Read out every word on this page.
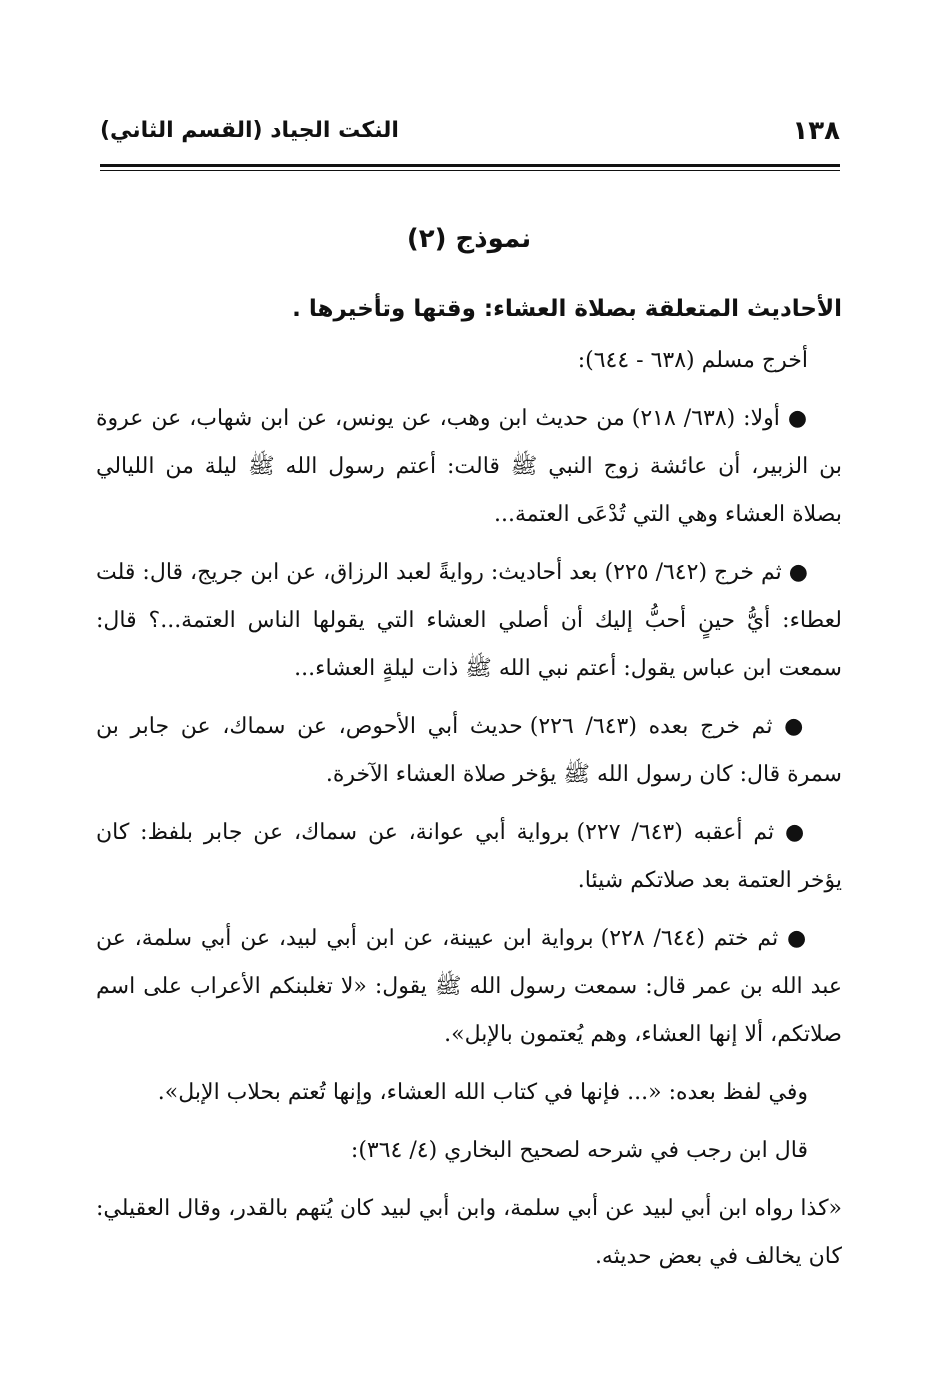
١٣٨
النكت الجياد (القسم الثاني)
نموذج (٢)
الأحاديث المتعلقة بصلاة العشاء: وقتها وتأخيرها .

أخرج مسلم (٦٣٨ - ٦٤٤):

● أولا: (٦٣٨/ ٢١٨) من حديث ابن وهب، عن يونس، عن ابن شهاب، عن عروة بن الزبير، أن عائشة زوج النبي ﷺ قالت: أعتم رسول الله ﷺ ليلة من الليالي بصلاة العشاء وهي التي تُدْعَى العتمة...

● ثم خرج (٦٤٢/ ٢٢٥) بعد أحاديث: روايةً لعبد الرزاق، عن ابن جريج، قال: قلت لعطاء: أيُّ حينٍ أحبُّ إليك أن أصلي العشاء التي يقولها الناس العتمة...؟ قال: سمعت ابن عباس يقول: أعتم نبي الله ﷺ ذات ليلةٍ العشاء...

● ثم خرج بعده (٦٤٣/ ٢٢٦) حديث أبي الأحوص، عن سماك، عن جابر بن سمرة قال: كان رسول الله ﷺ يؤخر صلاة العشاء الآخرة.

● ثم أعقبه (٦٤٣/ ٢٢٧) برواية أبي عوانة، عن سماك، عن جابر بلفظ: كان يؤخر العتمة بعد صلاتكم شيئا.

● ثم ختم (٦٤٤/ ٢٢٨) برواية ابن عيينة، عن ابن أبي لبيد، عن أبي سلمة، عن عبد الله بن عمر قال: سمعت رسول الله ﷺ يقول: «لا تغلبنكم الأعراب على اسم صلاتكم، ألا إنها العشاء، وهم يُعتمون بالإبل».

وفي لفظ بعده: «... فإنها في كتاب الله العشاء، وإنها تُعتم بحلاب الإبل».

قال ابن رجب في شرحه لصحيح البخاري (٤/ ٣٦٤):

«كذا رواه ابن أبي لبيد عن أبي سلمة، وابن أبي لبيد كان يُتهم بالقدر، وقال العقيلي: كان يخالف في بعض حديثه.
